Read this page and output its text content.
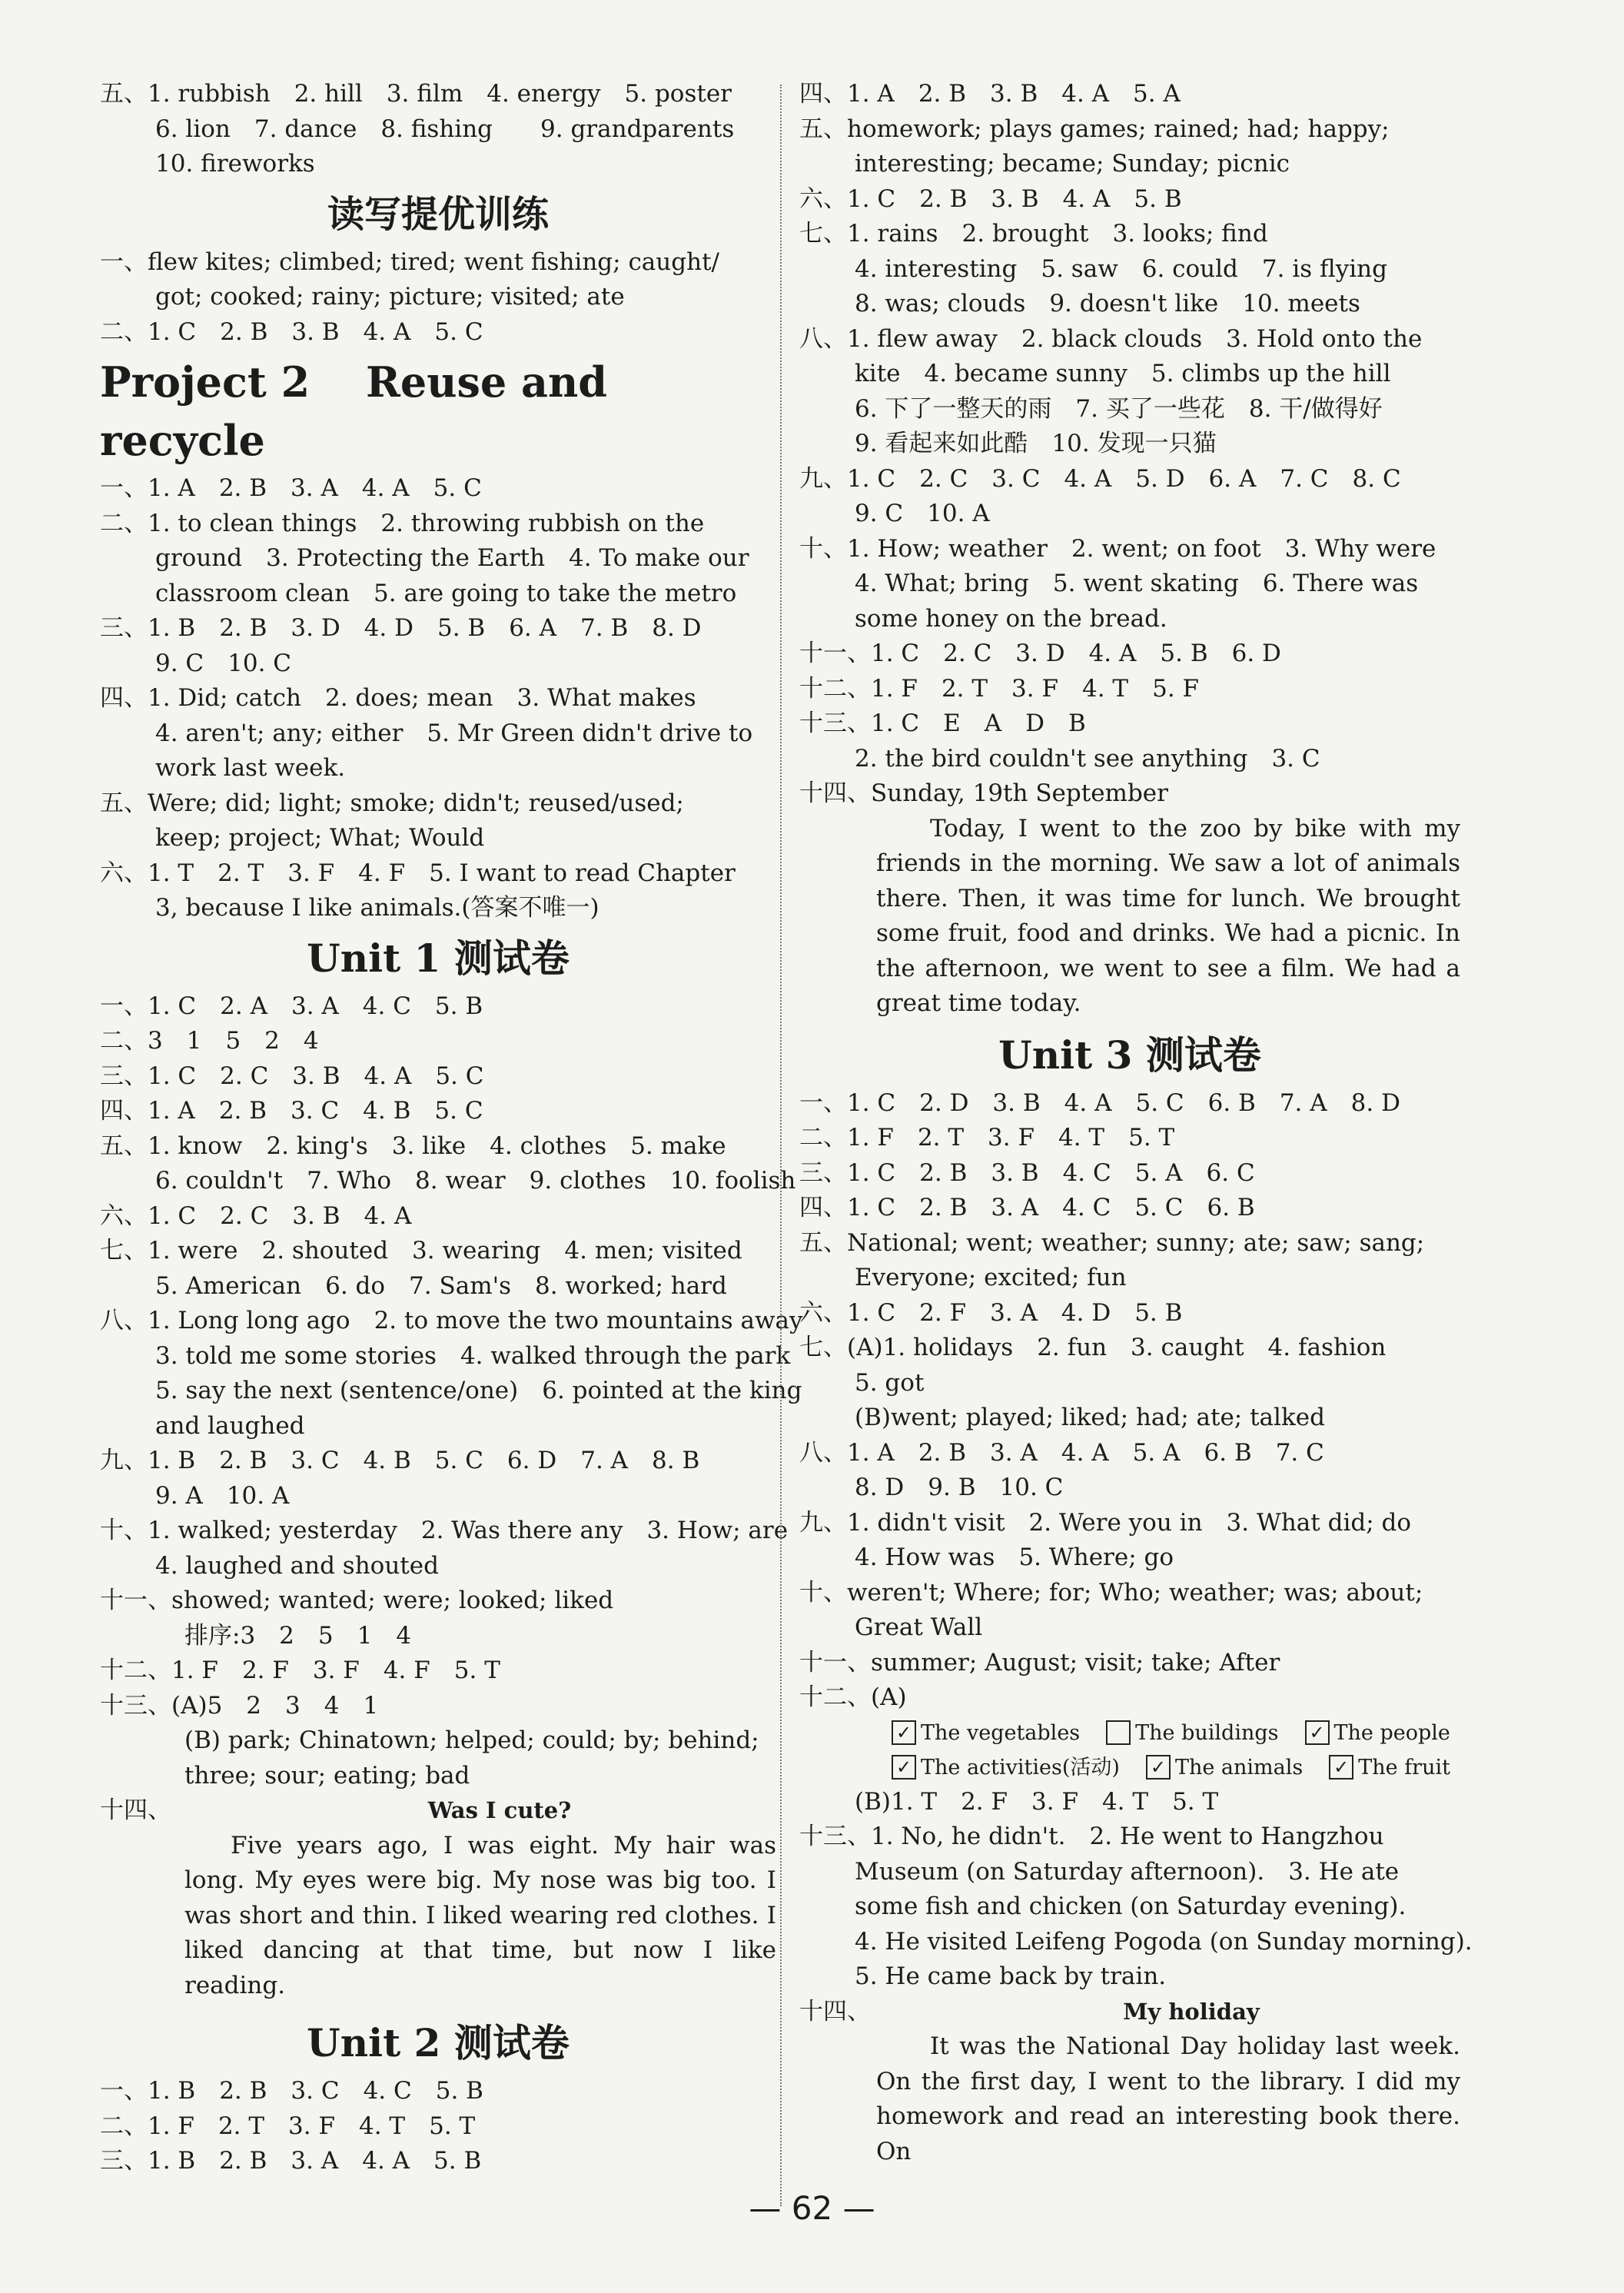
五、1. rubbish　2. hill　3. film　4. energy　5. poster
6. lion　7. dance　8. fishing　　9. grandparents
10. fireworks
读写提优训练
一、flew kites; climbed; tired; went fishing; caught/
got; cooked; rainy; picture; visited; ate
二、1. C　2. B　3. B　4. A　5. C
Project 2　 Reuse and recycle
一、1. A　2. B　3. A　4. A　5. C
二、1. to clean things　2. throwing rubbish on the
ground　3. Protecting the Earth　4. To make our
classroom clean　5. are going to take the metro
三、1. B　2. B　3. D　4. D　5. B　6. A　7. B　8. D
9. C　10. C
四、1. Did; catch　2. does; mean　3. What makes
4. aren't; any; either　5. Mr Green didn't drive to
work last week.
五、Were; did; light; smoke; didn't; reused/used;
keep; project; What; Would
六、1. T　2. T　3. F　4. F　5. I want to read Chapter
3, because I like animals.(答案不唯一)
Unit 1 测试卷
一、1. C　2. A　3. A　4. C　5. B
二、3　1　5　2　4
三、1. C　2. C　3. B　4. A　5. C
四、1. A　2. B　3. C　4. B　5. C
五、1. know　2. king's　3. like　4. clothes　5. make
6. couldn't　7. Who　8. wear　9. clothes　10. foolish
六、1. C　2. C　3. B　4. A
七、1. were　2. shouted　3. wearing　4. men; visited
5. American　6. do　7. Sam's　8. worked; hard
八、1. Long long ago　2. to move the two mountains away
3. told me some stories　4. walked through the park
5. say the next (sentence/one)　6. pointed at the king
and laughed
九、1. B　2. B　3. C　4. B　5. C　6. D　7. A　8. B
9. A　10. A
十、1. walked; yesterday　2. Was there any　3. How; are
4. laughed and shouted
十一、showed; wanted; were; looked; liked
排序:3　2　5　1　4
十二、1. F　2. F　3. F　4. F　5. T
十三、(A)5　2　3　4　1
(B) park; Chinatown; helped; could; by; behind;
three; sour; eating; bad
十四、	Was I cute?
Five years ago, I was eight. My hair was long. My eyes were big. My nose was big too. I was short and thin. I liked wearing red clothes. I liked dancing at that time, but now I like reading.
Unit 2 测试卷
一、1. B　2. B　3. C　4. C　5. B
二、1. F　2. T　3. F　4. T　5. T
三、1. B　2. B　3. A　4. A　5. B
四、1. A　2. B　3. B　4. A　5. A
五、homework; plays games; rained; had; happy;
interesting; became; Sunday; picnic
六、1. C　2. B　3. B　4. A　5. B
七、1. rains　2. brought　3. looks; find
4. interesting　5. saw　6. could　7. is flying
8. was; clouds　9. doesn't like　10. meets
八、1. flew away　2. black clouds　3. Hold onto the
kite　4. became sunny　5. climbs up the hill
6. 下了一整天的雨　7. 买了一些花　8. 干/做得好
9. 看起来如此酷　10. 发现一只猫
九、1. C　2. C　3. C　4. A　5. D　6. A　7. C　8. C
9. C　10. A
十、1. How; weather　2. went; on foot　3. Why were
4. What; bring　5. went skating　6. There was
some honey on the bread.
十一、1. C　2. C　3. D　4. A　5. B　6. D
十二、1. F　2. T　3. F　4. T　5. F
十三、1. C　E　A　D　B
2. the bird couldn't see anything　3. C
十四、Sunday, 19th September
Today, I went to the zoo by bike with my friends in the morning. We saw a lot of animals there. Then, it was time for lunch. We brought some fruit, food and drinks. We had a picnic. In the afternoon, we went to see a film. We had a great time today.
Unit 3 测试卷
一、1. C　2. D　3. B　4. A　5. C　6. B　7. A　8. D
二、1. F　2. T　3. F　4. T　5. T
三、1. C　2. B　3. B　4. C　5. A　6. C
四、1. C　2. B　3. A　4. C　5. C　6. B
五、National; went; weather; sunny; ate; saw; sang;
Everyone; excited; fun
六、1. C　2. F　3. A　4. D　5. B
七、(A)1. holidays　2. fun　3. caught　4. fashion
5. got
(B)went; played; liked; had; ate; talked
八、1. A　2. B　3. A　4. A　5. A　6. B　7. C
8. D　9. B　10. C
九、1. didn't visit　2. Were you in　3. What did; do
4. How was　5. Where; go
十、weren't; Where; for; Who; weather; was; about;
Great Wall
十一、summer; August; visit; take; After
十二、(A)
✓ The vegetables	The buildings ✓ The people
✓ The activities(活动) ✓ The animals ✓ The fruit
(B)1. T　2. F　3. F　4. T　5. T
十三、1. No, he didn't.　2. He went to Hangzhou
Museum (on Saturday afternoon).　3. He ate
some fish and chicken (on Saturday evening).
4. He visited Leifeng Pogoda (on Sunday morning).
5. He came back by train.
十四、	My holiday
It was the National Day holiday last week. On the first day, I went to the library. I did my homework and read an interesting book there. On
— 62 —
